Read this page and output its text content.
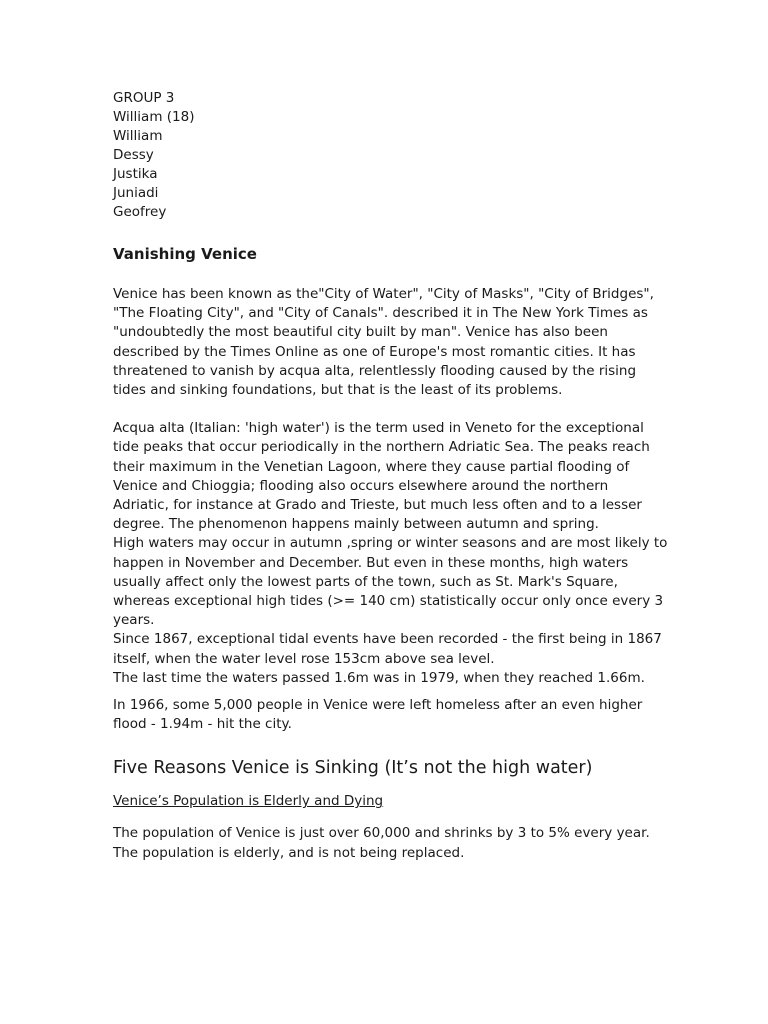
GROUP 3

William (18)

William

Dessy

Justika

Juniadi

Geofrey

Vanishing Venice

Venice has been known as the"City of Water", "City of Masks", "City of Bridges", "The Floating City", and "City of Canals". described it in The New York Times as "undoubtedly the most beautiful city built by man". Venice has also been described by the Times Online as one of Europe's most romantic cities. It has threatened to vanish by acqua alta, relentlessly flooding caused by the rising tides and sinking foundations, but that is the least of its problems.

Acqua alta (Italian: 'high water') is the term used in Veneto for the exceptional tide peaks that occur periodically in the northern Adriatic Sea. The peaks reach their maximum in the Venetian Lagoon, where they cause partial flooding of Venice and Chioggia; flooding also occurs elsewhere around the northern Adriatic, for instance at Grado and Trieste, but much less often and to a lesser degree. The phenomenon happens mainly between autumn and spring.

High waters may occur in autumn ,spring or winter seasons and are most likely to happen in November and December. But even in these months, high waters usually affect only the lowest parts of the town, such as St. Mark's Square, whereas exceptional high tides (>= 140 cm) statistically occur only once every 3 years.

Since 1867, exceptional tidal events have been recorded - the first being in 1867 itself, when the water level rose 153cm above sea level.

The last time the waters passed 1.6m was in 1979, when they reached 1.66m.

In 1966, some 5,000 people in Venice were left homeless after an even higher flood - 1.94m - hit the city.

Five Reasons Venice is Sinking (It’s not the high water)
Venice’s Population is Elderly and Dying

The population of Venice is just over 60,000 and shrinks by 3 to 5% every year. The population is elderly, and is not being replaced.
